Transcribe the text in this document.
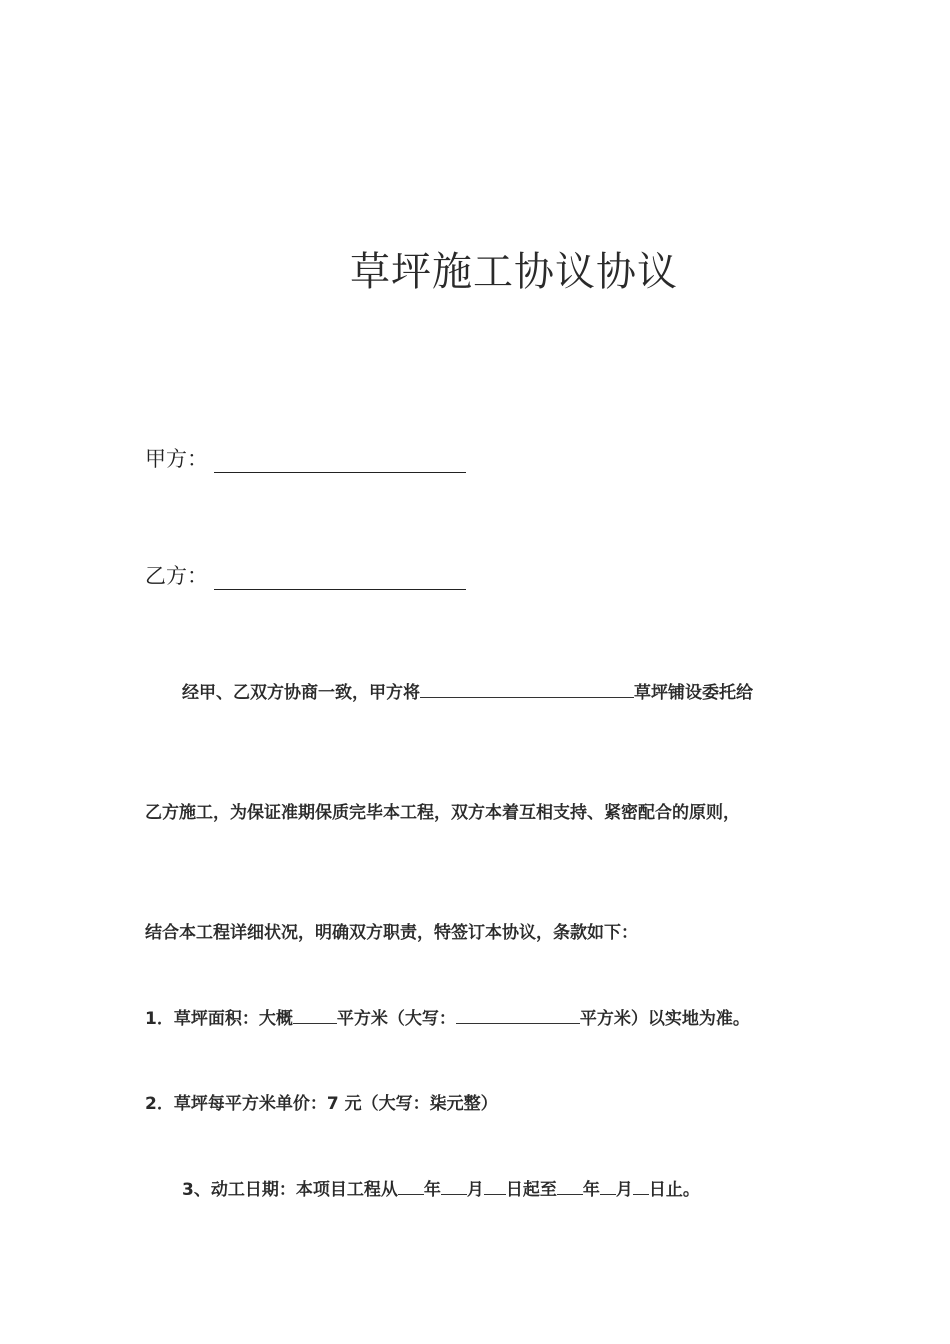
草坪施工协议协议
甲方：
乙方：
经甲、乙双方协商一致，甲方将	草坪铺设委托给
乙方施工，为保证准期保质完毕本工程，双方本着互相支持、紧密配合的原则，
结合本工程详细状况，明确双方职责，特签订本协议，条款如下：
1．草坪面积：大概	平方米（大写：	平方米）以实地为准。
2．草坪每平方米单价：7 元（大写：柒元整）
3、动工日期：本项目工程从 年 月 日起至 年 月 日止。
